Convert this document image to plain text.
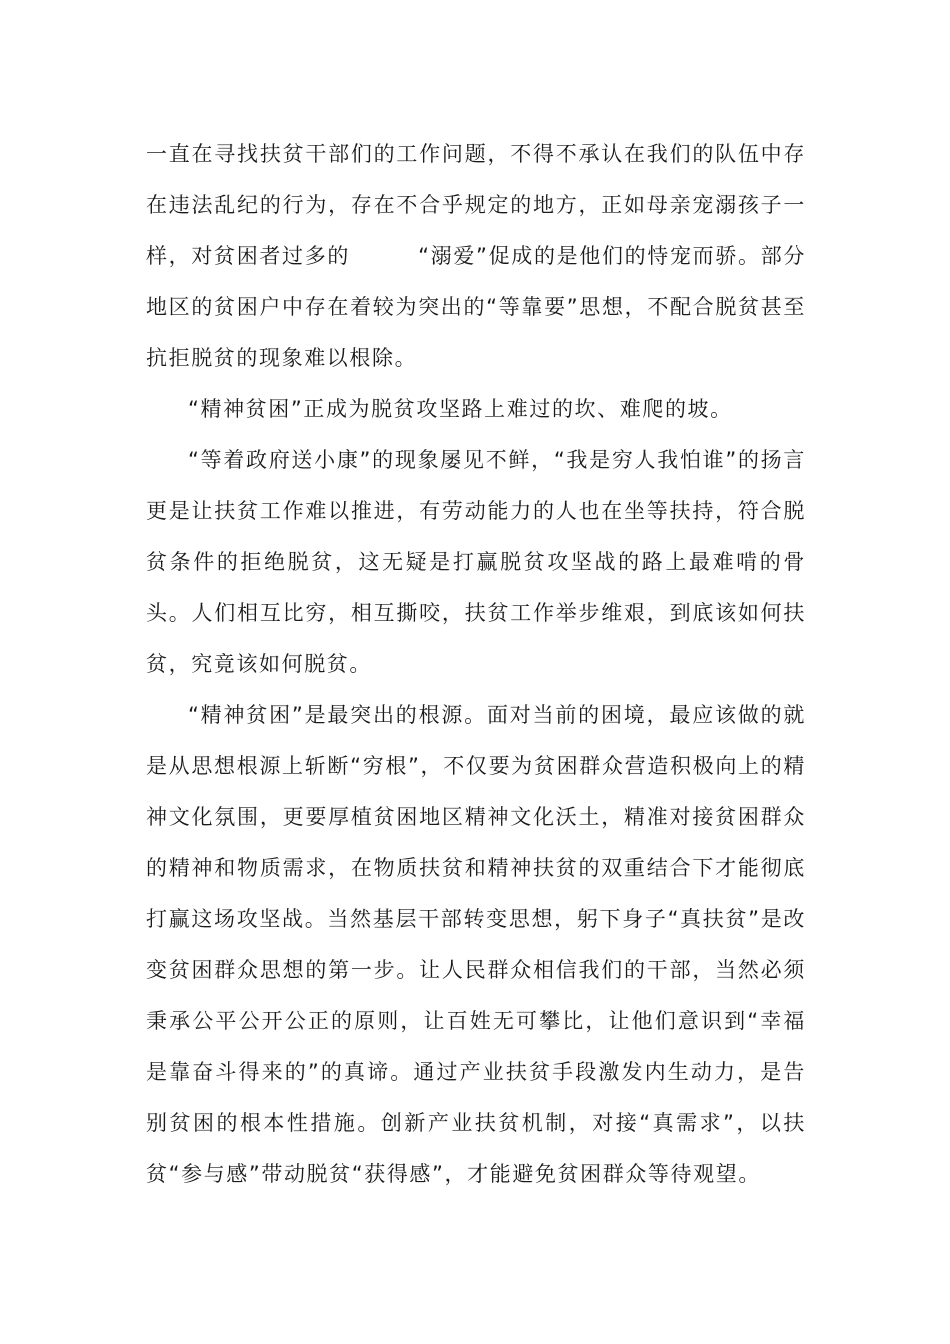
一直在寻找扶贫干部们的工作问题，不得不承认在我们的队伍中存在违法乱纪的行为，存在不合乎规定的地方，正如母亲宠溺孩子一样，对贫困者过多的　　　“溺爱”促成的是他们的恃宠而骄。部分地区的贫困户中存在着较为突出的“等靠要”思想，不配合脱贫甚至抗拒脱贫的现象难以根除。

“精神贫困”正成为脱贫攻坚路上难过的坎、难爬的坡。

“等着政府送小康”的现象屡见不鲜，“我是穷人我怕谁”的扬言更是让扶贫工作难以推进，有劳动能力的人也在坐等扶持，符合脱贫条件的拒绝脱贫，这无疑是打赢脱贫攻坚战的路上最难啃的骨头。人们相互比穷，相互撕咬，扶贫工作举步维艰，到底该如何扶贫，究竟该如何脱贫。

“精神贫困”是最突出的根源。面对当前的困境，最应该做的就是从思想根源上斩断“穷根”，不仅要为贫困群众营造积极向上的精神文化氛围，更要厚植贫困地区精神文化沃土，精准对接贫困群众的精神和物质需求，在物质扶贫和精神扶贫的双重结合下才能彻底打赢这场攻坚战。当然基层干部转变思想，躬下身子“真扶贫”是改变贫困群众思想的第一步。让人民群众相信我们的干部，当然必须秉承公平公开公正的原则，让百姓无可攀比，让他们意识到“幸福是靠奋斗得来的”的真谛。通过产业扶贫手段激发内生动力，是告别贫困的根本性措施。创新产业扶贫机制，对接“真需求”，以扶贫“参与感”带动脱贫“获得感”，才能避免贫困群众等待观望。
